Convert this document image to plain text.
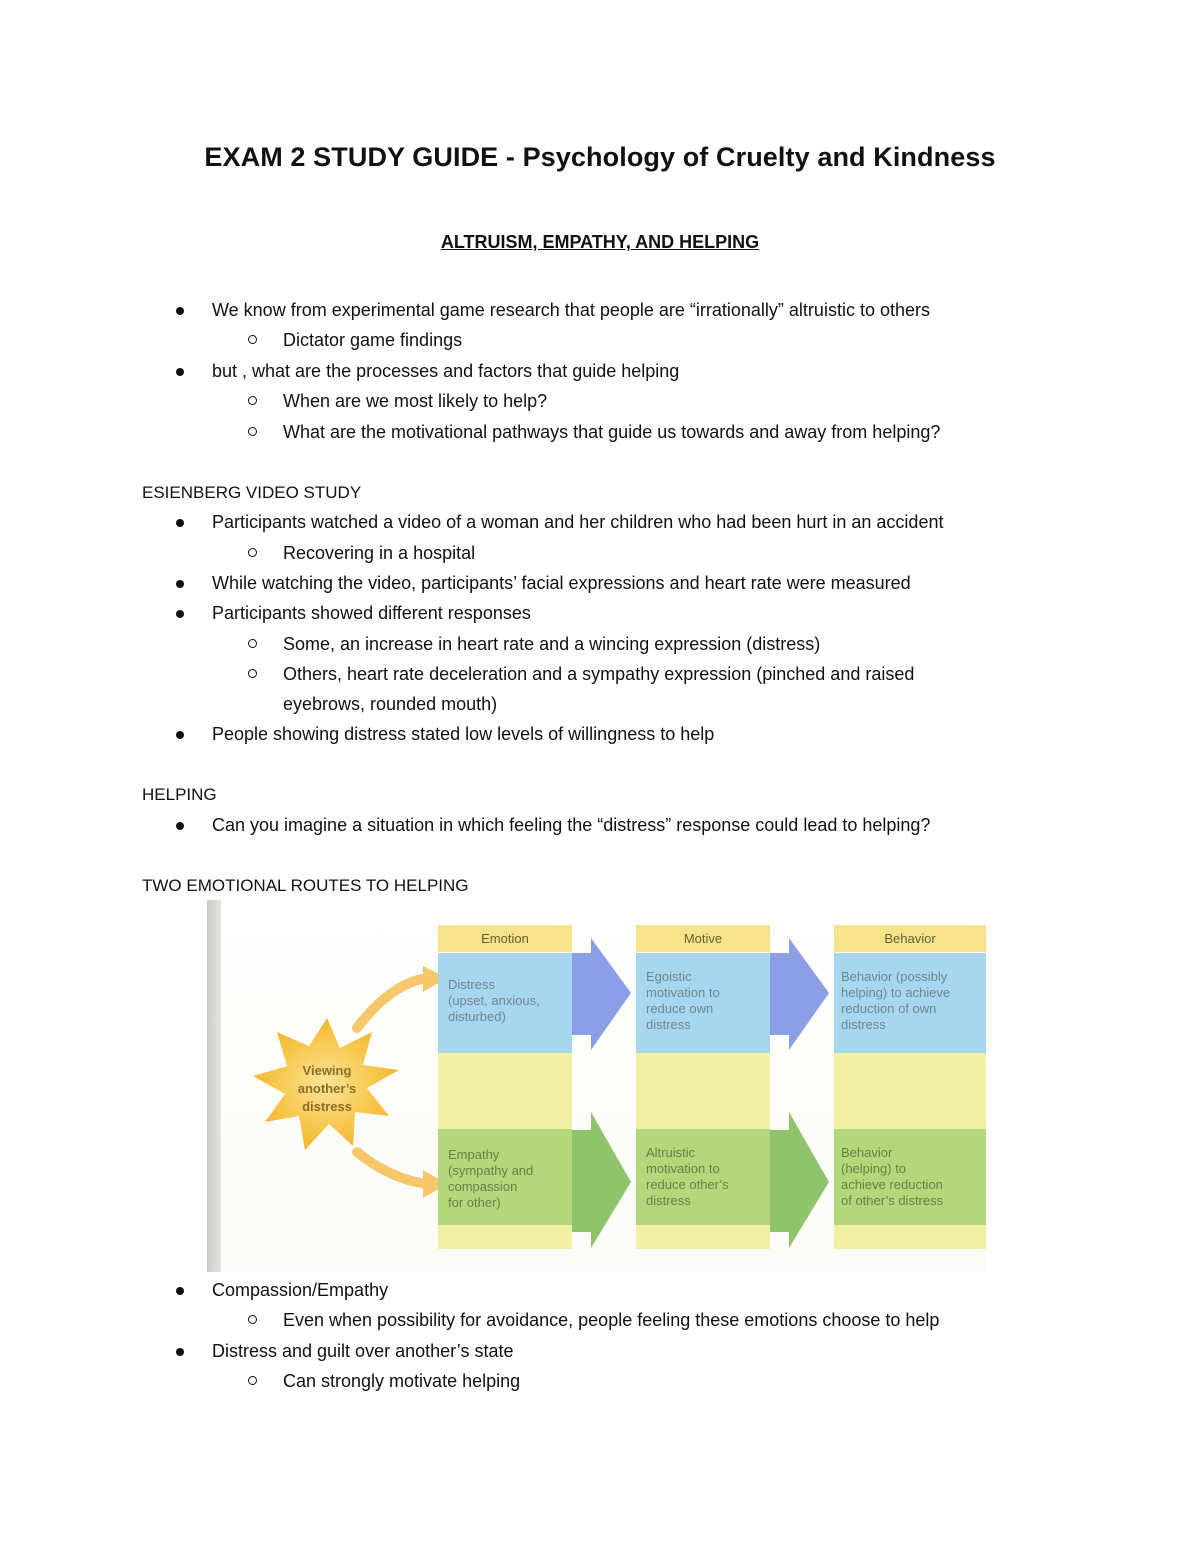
EXAM 2 STUDY GUIDE - Psychology of Cruelty and Kindness
ALTRUISM, EMPATHY, AND HELPING
We know from experimental game research that people are “irrationally” altruistic to others
Dictator game findings
but , what are the processes and factors that guide helping
When are we most likely to help?
What are the motivational pathways that guide us towards and away from helping?
ESIENBERG VIDEO STUDY
Participants watched a video of a woman and her children who had been hurt in an accident
Recovering in a hospital
While watching the video, participants’ facial expressions and heart rate were measured
Participants showed different responses
Some, an increase in heart rate and a wincing expression (distress)
Others, heart rate deceleration and a sympathy expression (pinched and raised
eyebrows, rounded mouth)
People showing distress stated low levels of willingness to help
HELPING
Can you imagine a situation in which feeling the “distress” response could lead to helping?
TWO EMOTIONAL ROUTES TO HELPING
Viewing
another’s
distress
Emotion
Distress
(upset, anxious,
disturbed)
Empathy
(sympathy and
compassion
for other)
Motive
Egoistic
motivation to
reduce own
distress
Altruistic
motivation to
reduce other’s
distress
Behavior
Behavior (possibly
helping) to achieve
reduction of own
distress
Behavior
(helping) to
achieve reduction
of other’s distress
Compassion/Empathy
Even when possibility for avoidance, people feeling these emotions choose to help
Distress and guilt over another’s state
Can strongly motivate helping
